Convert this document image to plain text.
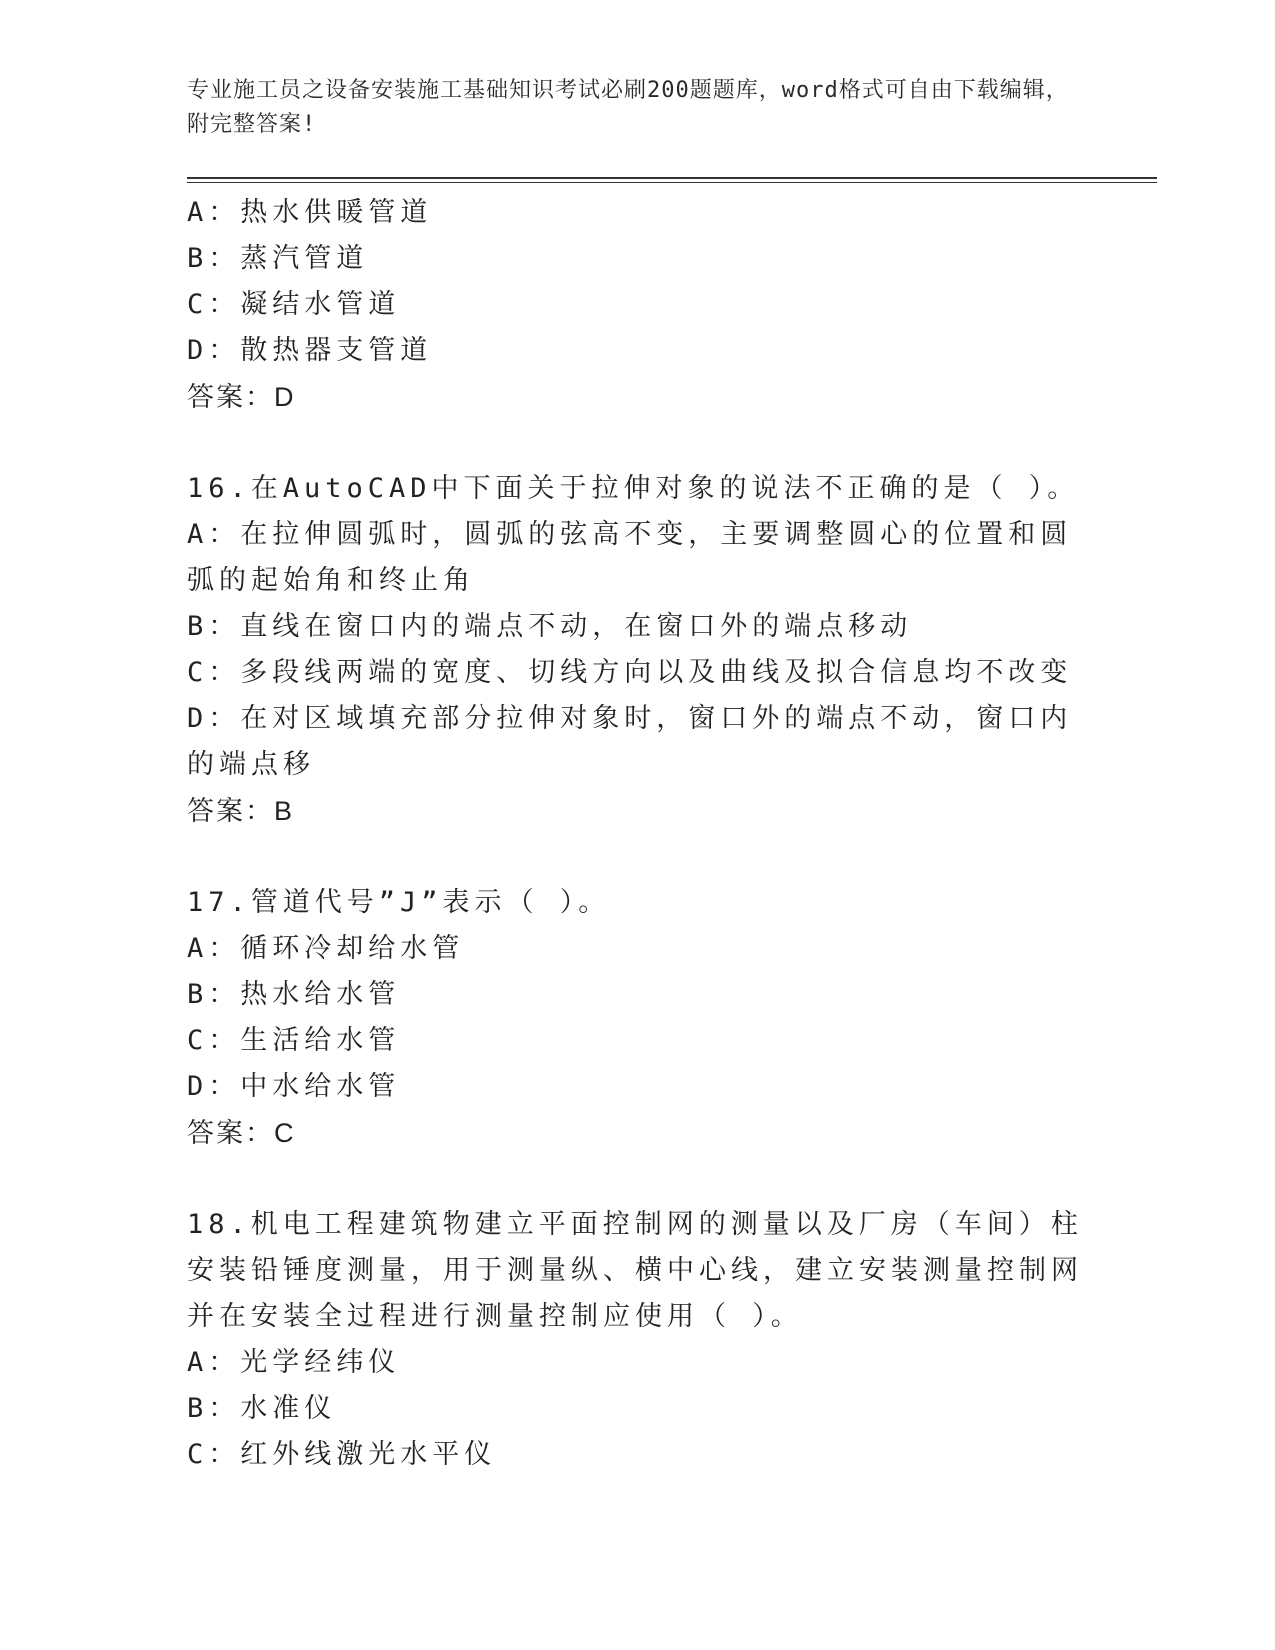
专业施工员之设备安装施工基础知识考试必刷200题题库，word格式可自由下载编辑，附完整答案!

A：热水供暖管道

B：蒸汽管道

C：凝结水管道

D：散热器支管道

答案：D

16.在AutoCAD中下面关于拉伸对象的说法不正确的是（ ）。

A：在拉伸圆弧时，圆弧的弦高不变，主要调整圆心的位置和圆弧的起始角和终止角

B：直线在窗口内的端点不动，在窗口外的端点移动

C：多段线两端的宽度、切线方向以及曲线及拟合信息均不改变

D：在对区域填充部分拉伸对象时，窗口外的端点不动，窗口内的端点移

答案：B

17.管道代号”J”表示（ ）。

A：循环冷却给水管

B：热水给水管

C：生活给水管

D：中水给水管

答案：C

18.机电工程建筑物建立平面控制网的测量以及厂房（车间）柱安装铅锤度测量，用于测量纵、横中心线，建立安装测量控制网并在安装全过程进行测量控制应使用（ ）。

A：光学经纬仪

B：水准仪

C：红外线激光水平仪
